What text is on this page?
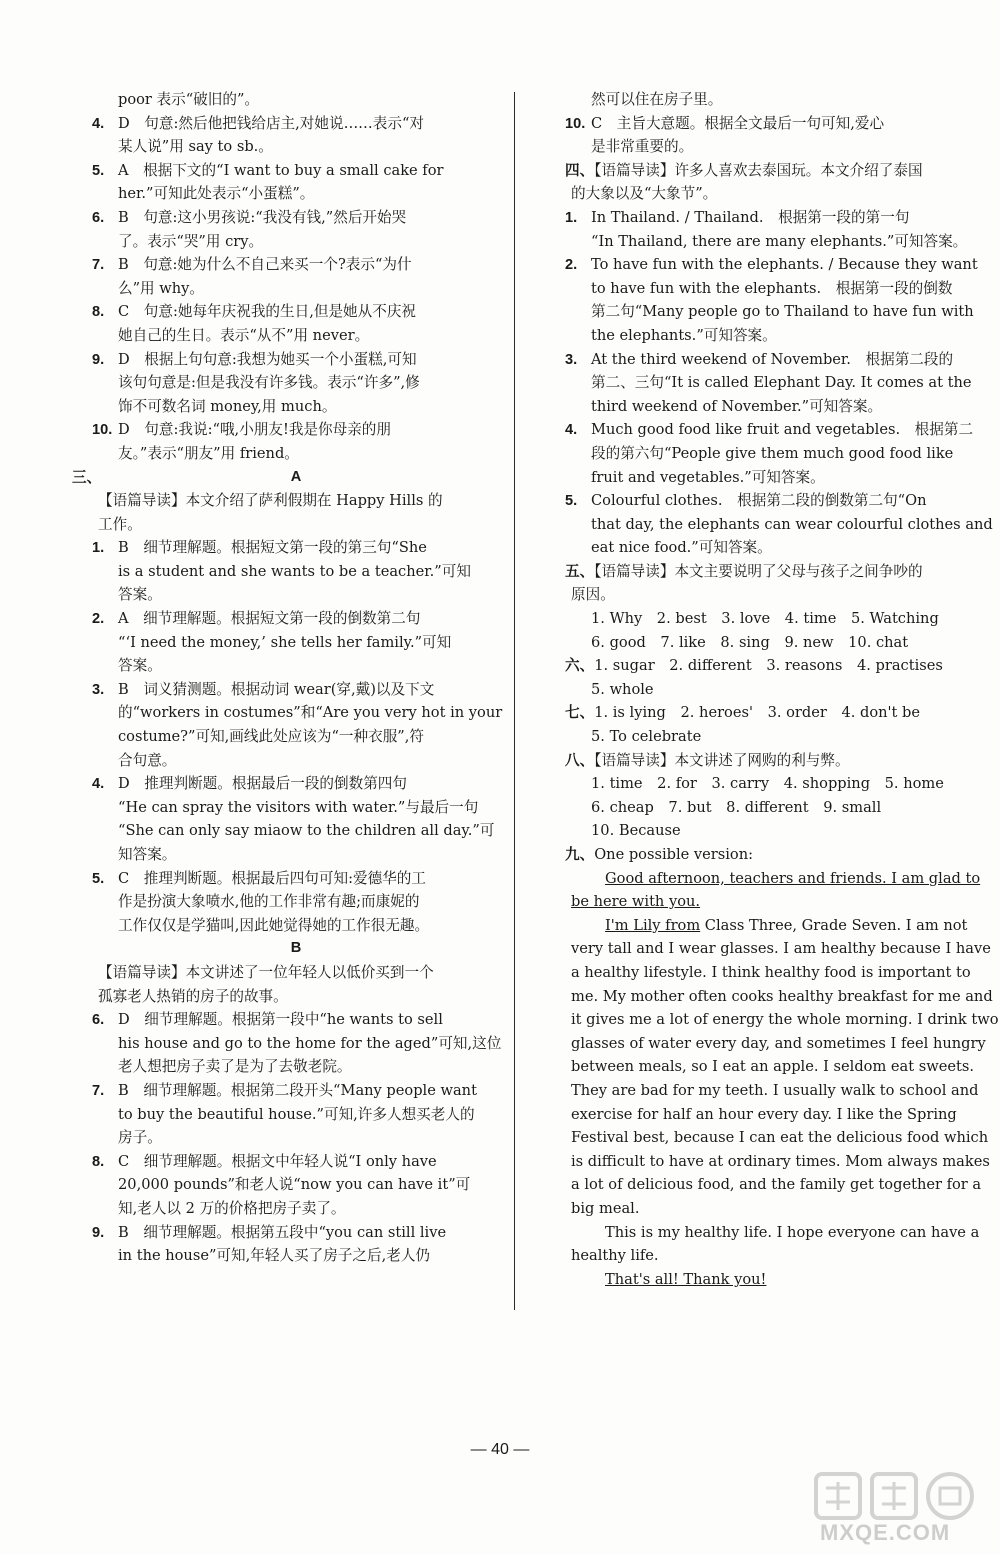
poor 表示“破旧的”。
4. D　句意:然后他把钱给店主,对她说……表示“对
某人说”用 say to sb.。
5. A　根据下文的“I want to buy a small cake for
her.”可知此处表示“小蛋糕”。
6. B　句意:这小男孩说:“我没有钱,”然后开始哭
了。表示“哭”用 cry。
7. B　句意:她为什么不自己来买一个?表示“为什
么”用 why。
8. C　句意:她每年庆祝我的生日,但是她从不庆祝
她自己的生日。表示“从不”用 never。
9. D　根据上句句意:我想为她买一个小蛋糕,可知
该句句意是:但是我没有许多钱。表示“许多”,修
饰不可数名词 money,用 much。
10. D　句意:我说:“哦,小朋友!我是你母亲的朋
友。”表示“朋友”用 friend。
三、	A
【语篇导读】本文介绍了萨利假期在 Happy Hills 的
工作。
1. B　细节理解题。根据短文第一段的第三句“She
is a student and she wants to be a teacher.”可知
答案。
2. A　细节理解题。根据短文第一段的倒数第二句
“‘I need the money,’ she tells her family.”可知
答案。
3. B　词义猜测题。根据动词 wear(穿,戴)以及下文
的“workers in costumes”和“Are you very hot in your
costume?”可知,画线此处应该为“一种衣服”,符
合句意。
4. D　推理判断题。根据最后一段的倒数第四句
“He can spray the visitors with water.”与最后一句
“She can only say miaow to the children all day.”可
知答案。
5. C　推理判断题。根据最后四句可知:爱德华的工
作是扮演大象喷水,他的工作非常有趣;而康妮的
工作仅仅是学猫叫,因此她觉得她的工作很无趣。
B
【语篇导读】本文讲述了一位年轻人以低价买到一个
孤寡老人热销的房子的故事。
6. D　细节理解题。根据第一段中“he wants to sell
his house and go to the home for the aged”可知,这位
老人想把房子卖了是为了去敬老院。
7. B　细节理解题。根据第二段开头“Many people want
to buy the beautiful house.”可知,许多人想买老人的
房子。
8. C　细节理解题。根据文中年轻人说“I only have
20,000 pounds”和老人说“now you can have it”可
知,老人以 2 万的价格把房子卖了。
9. B　细节理解题。根据第五段中“you can still live
in the house”可知,年轻人买了房子之后,老人仍
然可以住在房子里。
10. C　主旨大意题。根据全文最后一句可知,爱心
是非常重要的。
四、【语篇导读】许多人喜欢去泰国玩。本文介绍了泰国
的大象以及“大象节”。
1. In Thailand. / Thailand.　根据第一段的第一句
“In Thailand, there are many elephants.”可知答案。
2. To have fun with the elephants. / Because they want
to have fun with the elephants.　根据第一段的倒数
第二句“Many people go to Thailand to have fun with
the elephants.”可知答案。
3. At the third weekend of November.　根据第二段的
第二、三句“It is called Elephant Day. It comes at the
third weekend of November.”可知答案。
4. Much good food like fruit and vegetables.　根据第二
段的第六句“People give them much good food like
fruit and vegetables.”可知答案。
5. Colourful clothes.　根据第二段的倒数第二句“On
that day, the elephants can wear colourful clothes and
eat nice food.”可知答案。
五、【语篇导读】本文主要说明了父母与孩子之间争吵的
原因。
1. Why　2. best　3. love　4. time　5. Watching
6. good　7. like　8. sing　9. new　10. chat
六、1. sugar　2. different　3. reasons　4. practises
5. whole
七、1. is lying　2. heroes'　3. order　4. don't be
5. To celebrate
八、【语篇导读】本文讲述了网购的利与弊。
1. time　2. for　3. carry　4. shopping　5. home
6. cheap　7. but　8. different　9. small
10. Because
九、One possible version:
Good afternoon, teachers and friends. I am glad to
be here with you.
I'm Lily from Class Three, Grade Seven. I am not
very tall and I wear glasses. I am healthy because I have
a healthy lifestyle. I think healthy food is important to
me. My mother often cooks healthy breakfast for me and
it gives me a lot of energy the whole morning. I drink two
glasses of water every day, and sometimes I feel hungry
between meals, so I eat an apple. I seldom eat sweets.
They are bad for my teeth. I usually walk to school and
exercise for half an hour every day. I like the Spring
Festival best, because I can eat the delicious food which
is difficult to have at ordinary times. Mom always makes
a lot of delicious food, and the family get together for a
big meal.
This is my healthy life. I hope everyone can have a
healthy life.
That's all! Thank you!
— 40 —
MXQE.COM
